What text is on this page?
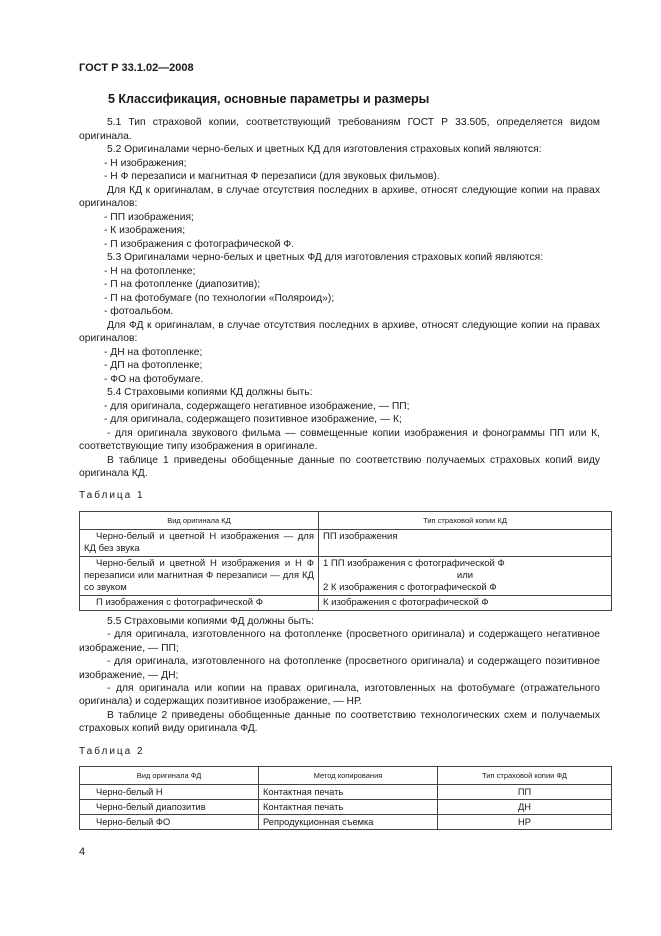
ГОСТ Р 33.1.02—2008
5 Классификация, основные параметры и размеры

5.1 Тип страховой копии, соответствующий требованиям ГОСТ Р 33.505, определяется видом оригинала.

5.2 Оригиналами черно-белых и цветных КД для изготовления страховых копий являются:

- Н изображения;

- Н Ф перезаписи и магнитная Ф перезаписи (для звуковых фильмов).

Для КД к оригиналам, в случае отсутствия последних в архиве, относят следующие копии на правах оригиналов:

- ПП изображения;

- К изображения;

- П изображения с фотографической Ф.

5.3 Оригиналами черно-белых и цветных ФД для изготовления страховых копий являются:

- Н на фотопленке;

- П на фотопленке (диапозитив);

- П на фотобумаге (по технологии «Поляроид»);

- фотоальбом.

Для ФД к оригиналам, в случае отсутствия последних в архиве, относят следующие копии на правах оригиналов:

- ДН на фотопленке;

- ДП на фотопленке;

- ФО на фотобумаге.

5.4 Страховыми копиями КД должны быть:

- для оригинала, содержащего негативное изображение, — ПП;

- для оригинала, содержащего позитивное изображение, — К;

- для оригинала звукового фильма — совмещенные копии изображения и фонограммы ПП или К, соответствующие типу изображения в оригинале.

В таблице 1 приведены обобщенные данные по соответствию получаемых страховых копий виду оригинала КД.

Таблица 1
Вид оригинала КД	Тип страховой копии КД
Черно-белый и цветной Н изображения — для КД без звука	ПП изображения
Черно-белый и цветной Н изображения и Н Ф перезаписи или магнитная Ф перезаписи — для КД со звуком	1 ПП изображения с фотографической Ф
или
2 К изображения с фотографической Ф

П изображения с фотографической Ф	К изображения с фотографической Ф

5.5 Страховыми копиями ФД должны быть:

- для оригинала, изготовленного на фотопленке (просветного оригинала) и содержащего негативное изображение, — ПП;

- для оригинала, изготовленного на фотопленке (просветного оригинала) и содержащего позитивное изображение, — ДН;

- для оригинала или копии на правах оригинала, изготовленных на фотобумаге (отражательного оригинала) и содержащих позитивное изображение, — НР.

В таблице 2 приведены обобщенные данные по соответствию технологических схем и получаемых страховых копий виду оригинала ФД.

Таблица 2
Вид оригинала ФД	Метод копирования	Тип страховой копии ФД
Черно-белый Н	Контактная печать	ПП
Черно-белый диапозитив	Контактная печать	ДН
Черно-белый ФО	Репродукционная съемка	НР
4
